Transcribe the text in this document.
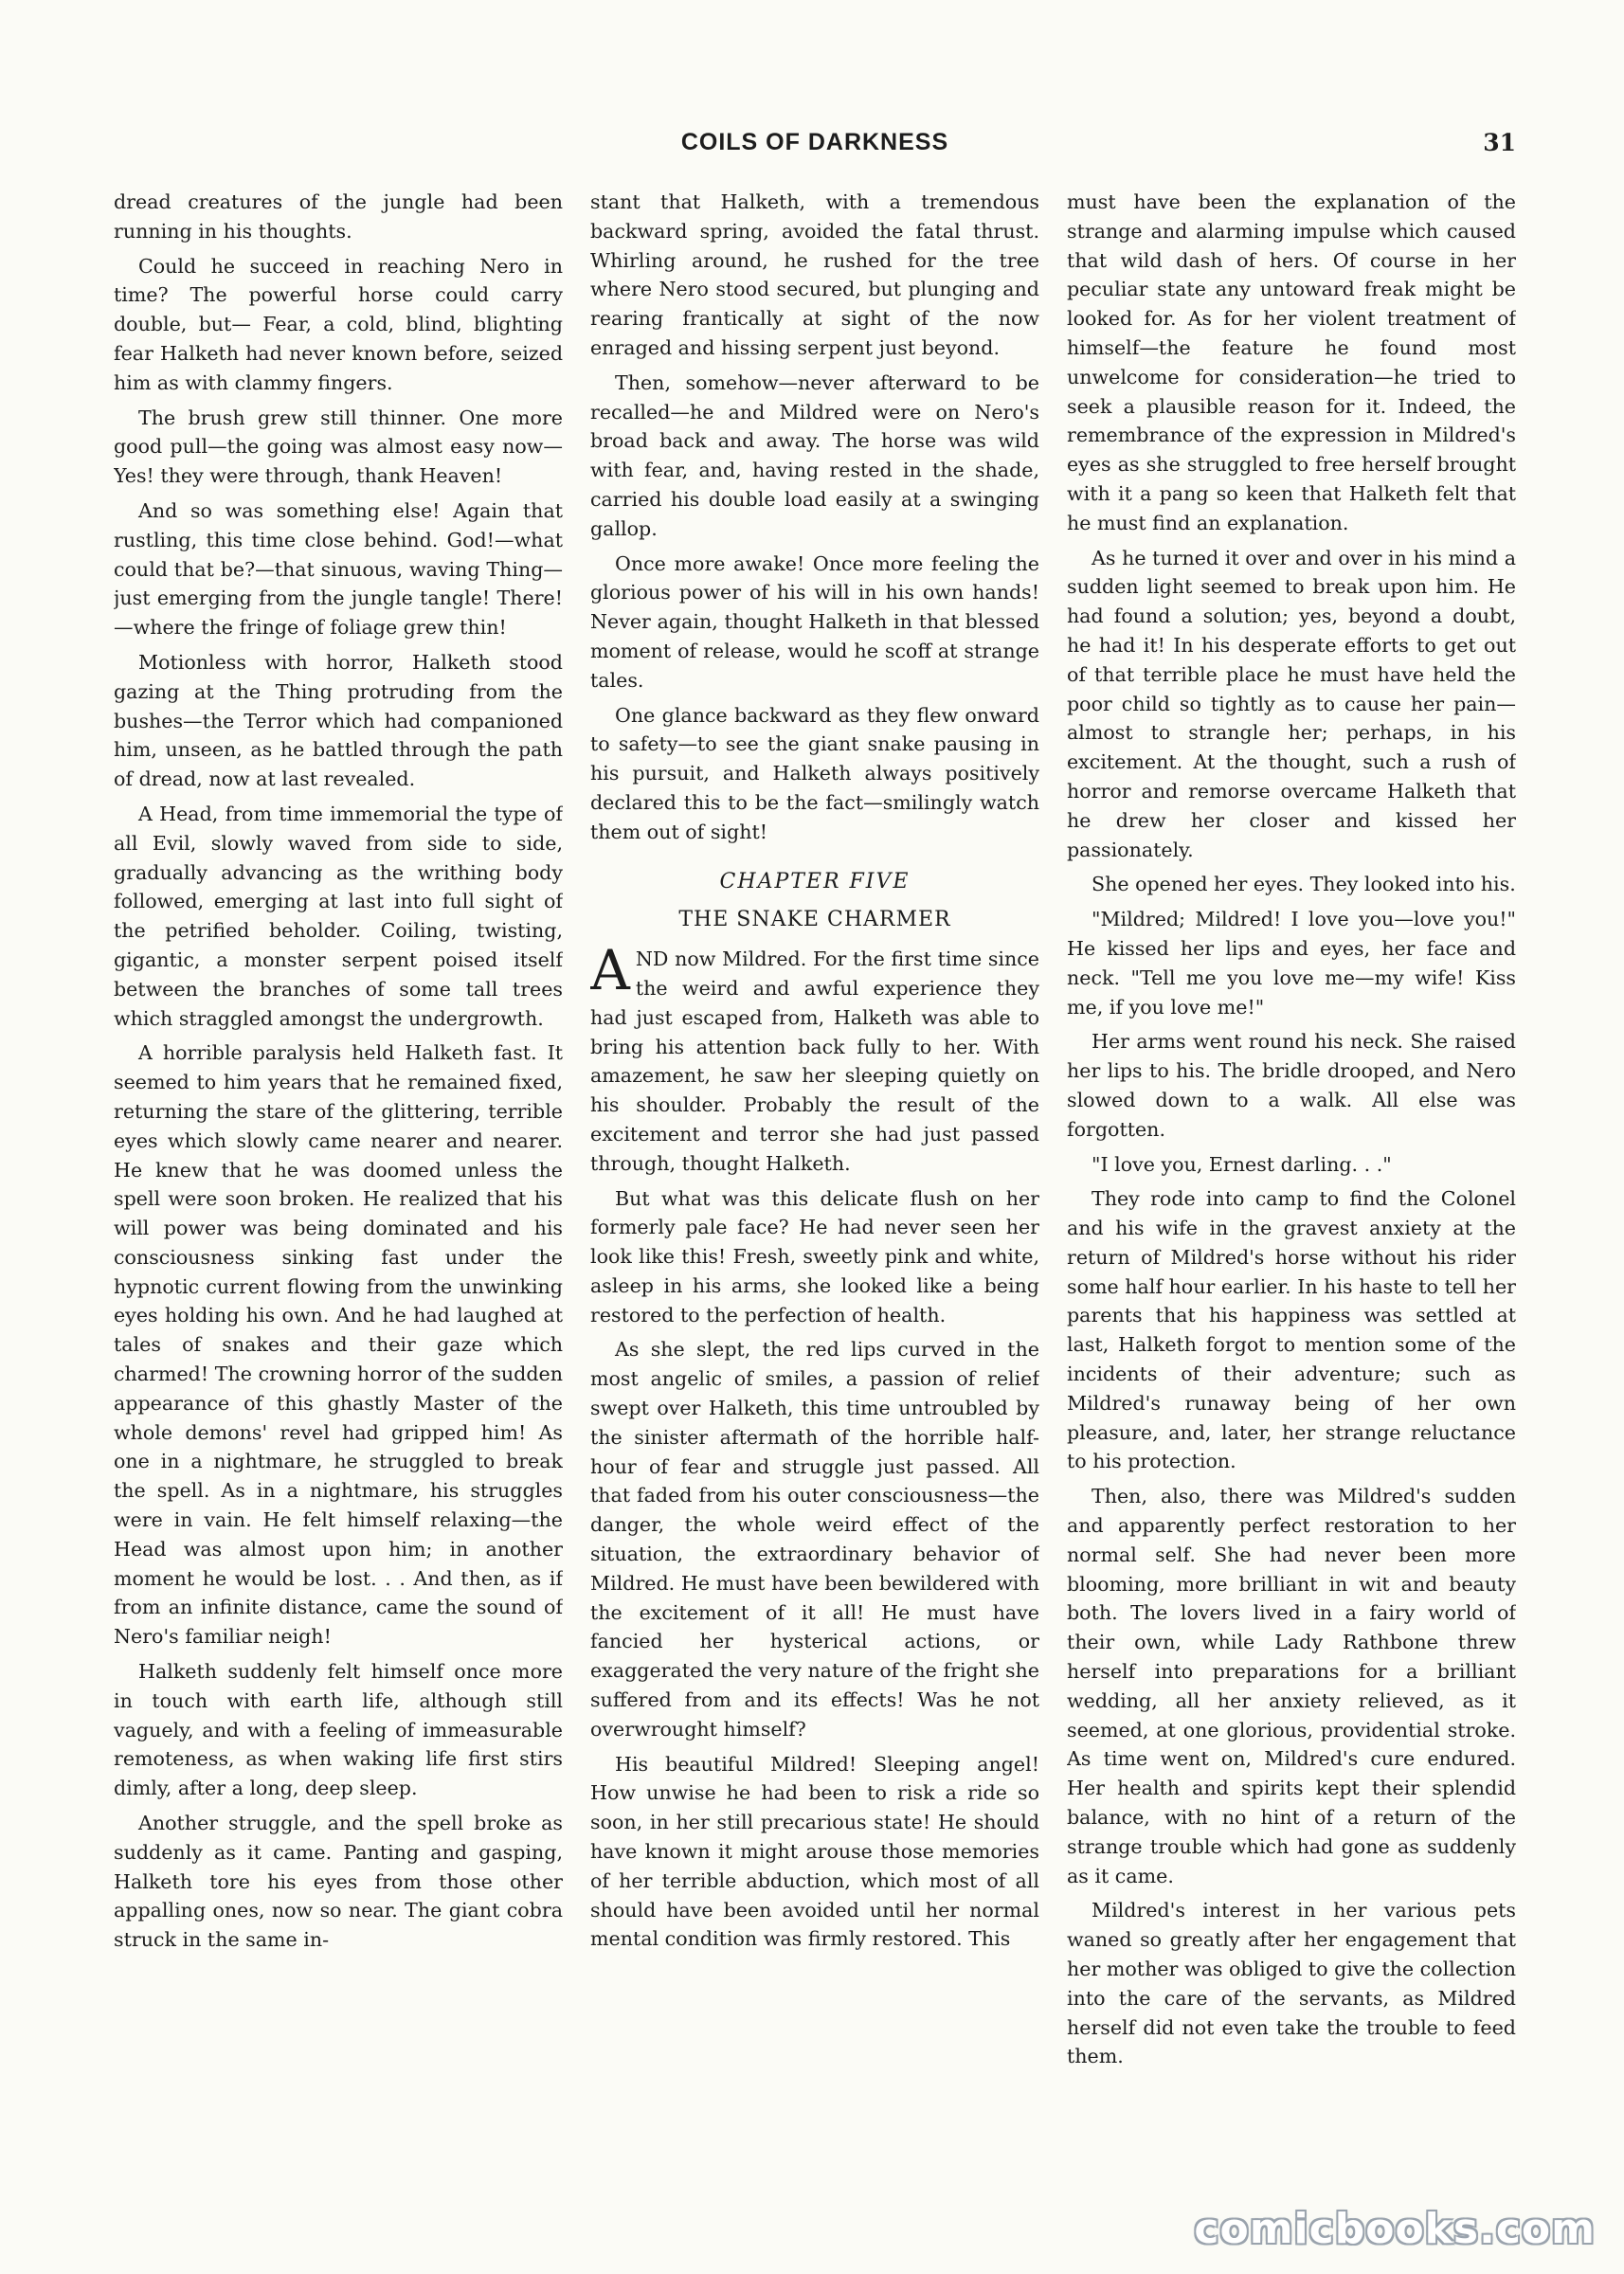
COILS OF DARKNESS	31

dread creatures of the jungle had been running in his thoughts.

Could he succeed in reaching Nero in time? The powerful horse could carry double, but— Fear, a cold, blind, blighting fear Halketh had never known before, seized him as with clammy fingers.

The brush grew still thinner. One more good pull—the going was almost easy now—Yes! they were through, thank Heaven!

And so was something else! Again that rustling, this time close behind. God!—what could that be?—that sinuous, waving Thing—just emerging from the jungle tangle! There!—where the fringe of foliage grew thin!

Motionless with horror, Halketh stood gazing at the Thing protruding from the bushes—the Terror which had companioned him, unseen, as he battled through the path of dread, now at last revealed.

A Head, from time immemorial the type of all Evil, slowly waved from side to side, gradually advancing as the writhing body followed, emerging at last into full sight of the petrified beholder. Coiling, twisting, gigantic, a monster serpent poised itself between the branches of some tall trees which straggled amongst the undergrowth.

A horrible paralysis held Halketh fast. It seemed to him years that he remained fixed, returning the stare of the glittering, terrible eyes which slowly came nearer and nearer. He knew that he was doomed unless the spell were soon broken. He realized that his will power was being dominated and his consciousness sinking fast under the hypnotic current flowing from the unwinking eyes holding his own. And he had laughed at tales of snakes and their gaze which charmed! The crowning horror of the sudden appearance of this ghastly Master of the whole demons' revel had gripped him! As one in a nightmare, he struggled to break the spell. As in a nightmare, his struggles were in vain. He felt himself relaxing—the Head was almost upon him; in another moment he would be lost. . . And then, as if from an infinite distance, came the sound of Nero's familiar neigh!

Halketh suddenly felt himself once more in touch with earth life, although still vaguely, and with a feeling of immeasurable remoteness, as when waking life first stirs dimly, after a long, deep sleep.

Another struggle, and the spell broke as suddenly as it came. Panting and gasping, Halketh tore his eyes from those other appalling ones, now so near. The giant cobra struck in the same in-

stant that Halketh, with a tremendous backward spring, avoided the fatal thrust. Whirling around, he rushed for the tree where Nero stood secured, but plunging and rearing frantically at sight of the now enraged and hissing serpent just beyond.

Then, somehow—never afterward to be recalled—he and Mildred were on Nero's broad back and away. The horse was wild with fear, and, having rested in the shade, carried his double load easily at a swinging gallop.

Once more awake! Once more feeling the glorious power of his will in his own hands! Never again, thought Halketh in that blessed moment of release, would he scoff at strange tales.

One glance backward as they flew onward to safety—to see the giant snake pausing in his pursuit, and Halketh always positively declared this to be the fact—smilingly watch them out of sight!

CHAPTER FIVE
THE SNAKE CHARMER

AND now Mildred. For the first time since the weird and awful experience they had just escaped from, Halketh was able to bring his attention back fully to her. With amazement, he saw her sleeping quietly on his shoulder. Probably the result of the excitement and terror she had just passed through, thought Halketh.

But what was this delicate flush on her formerly pale face? He had never seen her look like this! Fresh, sweetly pink and white, asleep in his arms, she looked like a being restored to the perfection of health.

As she slept, the red lips curved in the most angelic of smiles, a passion of relief swept over Halketh, this time untroubled by the sinister aftermath of the horrible half-hour of fear and struggle just passed. All that faded from his outer consciousness—the danger, the whole weird effect of the situation, the extraordinary behavior of Mildred. He must have been bewildered with the excitement of it all! He must have fancied her hysterical actions, or exaggerated the very nature of the fright she suffered from and its effects! Was he not overwrought himself?

His beautiful Mildred! Sleeping angel! How unwise he had been to risk a ride so soon, in her still precarious state! He should have known it might arouse those memories of her terrible abduction, which most of all should have been avoided until her normal mental condition was firmly restored. This

must have been the explanation of the strange and alarming impulse which caused that wild dash of hers. Of course in her peculiar state any untoward freak might be looked for. As for her violent treatment of himself—the feature he found most unwelcome for consideration—he tried to seek a plausible reason for it. Indeed, the remembrance of the expression in Mildred's eyes as she struggled to free herself brought with it a pang so keen that Halketh felt that he must find an explanation.

As he turned it over and over in his mind a sudden light seemed to break upon him. He had found a solution; yes, beyond a doubt, he had it! In his desperate efforts to get out of that terrible place he must have held the poor child so tightly as to cause her pain—almost to strangle her; perhaps, in his excitement. At the thought, such a rush of horror and remorse overcame Halketh that he drew her closer and kissed her passionately.

She opened her eyes. They looked into his.

"Mildred; Mildred! I love you—love you!" He kissed her lips and eyes, her face and neck. "Tell me you love me—my wife! Kiss me, if you love me!"

Her arms went round his neck. She raised her lips to his. The bridle drooped, and Nero slowed down to a walk. All else was forgotten.

"I love you, Ernest darling. . ."

They rode into camp to find the Colonel and his wife in the gravest anxiety at the return of Mildred's horse without his rider some half hour earlier. In his haste to tell her parents that his happiness was settled at last, Halketh forgot to mention some of the incidents of their adventure; such as Mildred's runaway being of her own pleasure, and, later, her strange reluctance to his protection.

Then, also, there was Mildred's sudden and apparently perfect restoration to her normal self. She had never been more blooming, more brilliant in wit and beauty both. The lovers lived in a fairy world of their own, while Lady Rathbone threw herself into preparations for a brilliant wedding, all her anxiety relieved, as it seemed, at one glorious, providential stroke. As time went on, Mildred's cure endured. Her health and spirits kept their splendid balance, with no hint of a return of the strange trouble which had gone as suddenly as it came.

Mildred's interest in her various pets waned so greatly after her engagement that her mother was obliged to give the collection into the care of the servants, as Mildred herself did not even take the trouble to feed them.

comicbooks.com
